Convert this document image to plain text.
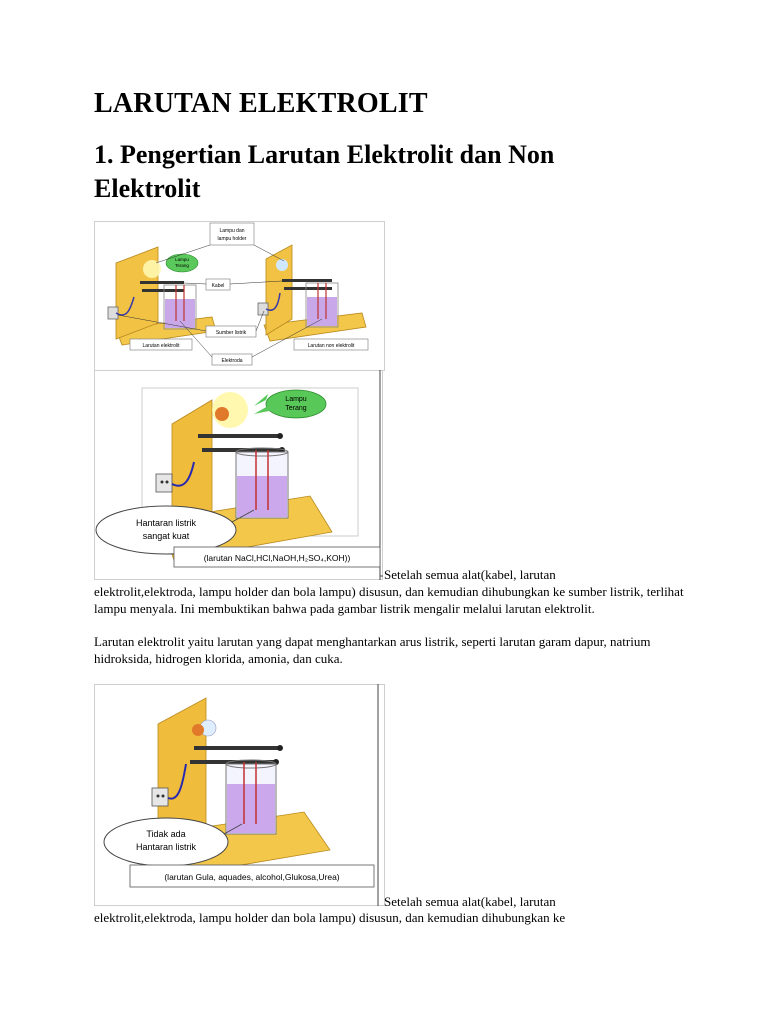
LARUTAN ELEKTROLIT
1. Pengertian Larutan Elektrolit dan Non Elektrolit
Lampu
Terang
Lampu dan
lampu holder
Kabel
Sumber listrik
Larutan elektrolit	Larutan non elektrolit
Elektroda
Lampu
Terang
Hantaran listrik
sangat kuat
(larutan NaCl,HCl,NaOH,H₂SO₄,KOH))
Setelah semua alat(kabel, larutan
elektrolit,elektroda, lampu holder dan bola lampu) disusun, dan kemudian dihubungkan ke sumber listrik, terlihat lampu menyala. Ini membuktikan bahwa pada gambar listrik mengalir melalui larutan elektrolit.
Larutan elektrolit yaitu larutan yang dapat menghantarkan arus listrik, seperti larutan garam dapur, natrium hidroksida, hidrogen klorida, amonia, dan cuka.
Tidak ada
Hantaran listrik
(larutan Gula, aquades, alcohol,Glukosa,Urea)
Setelah semua alat(kabel, larutan
elektrolit,elektroda, lampu holder dan bola lampu) disusun, dan kemudian dihubungkan ke
